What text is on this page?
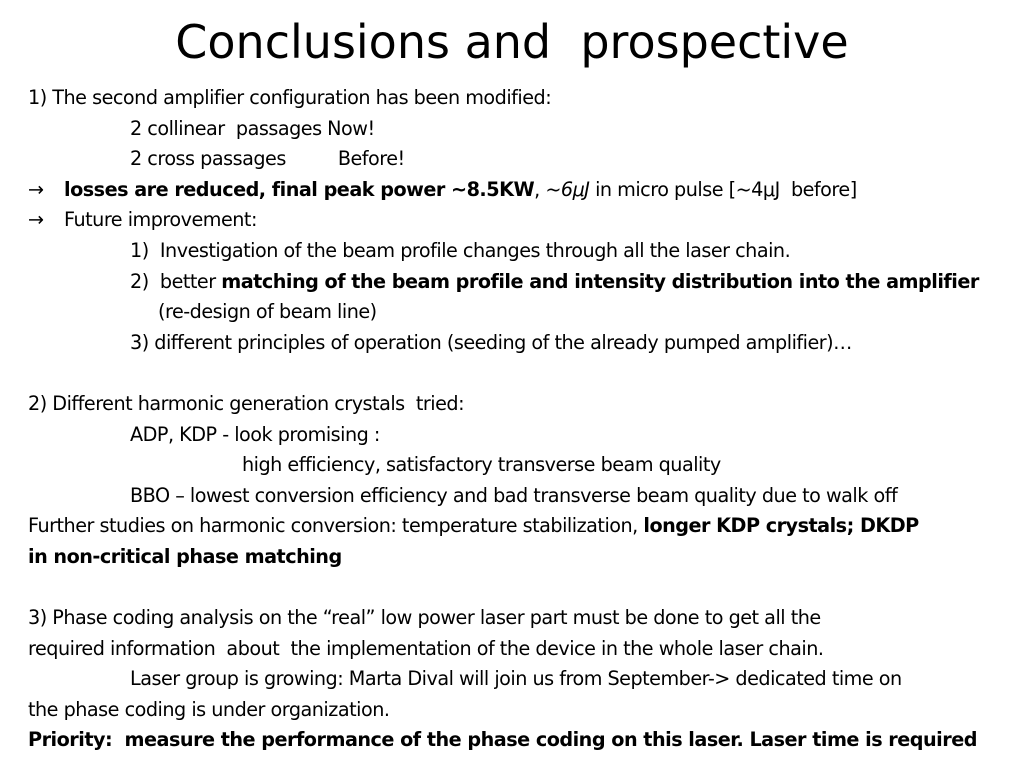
Conclusions and  prospective
1) The second amplifier configuration has been modified:
2 collinear  passages Now!
2 cross passages	Before!
→ losses are reduced, final peak power ~8.5KW, ~6μJ in micro pulse [~4μJ  before]
→ Future improvement:
1)  Investigation of the beam profile changes through all the laser chain.
2)  better matching of the beam profile and intensity distribution into the amplifier
(re-design of beam line)
3) different principles of operation (seeding of the already pumped amplifier)…
2) Different harmonic generation crystals  tried:
ADP, KDP - look promising :
high efficiency, satisfactory transverse beam quality
BBO – lowest conversion efficiency and bad transverse beam quality due to walk off
Further studies on harmonic conversion: temperature stabilization, longer KDP crystals; DKDP
in non-critical phase matching
3) Phase coding analysis on the “real” low power laser part must be done to get all the
required information  about  the implementation of the device in the whole laser chain.
Laser group is growing: Marta Dival will join us from September-> dedicated time on
the phase coding is under organization.
Priority:  measure the performance of the phase coding on this laser. Laser time is required
